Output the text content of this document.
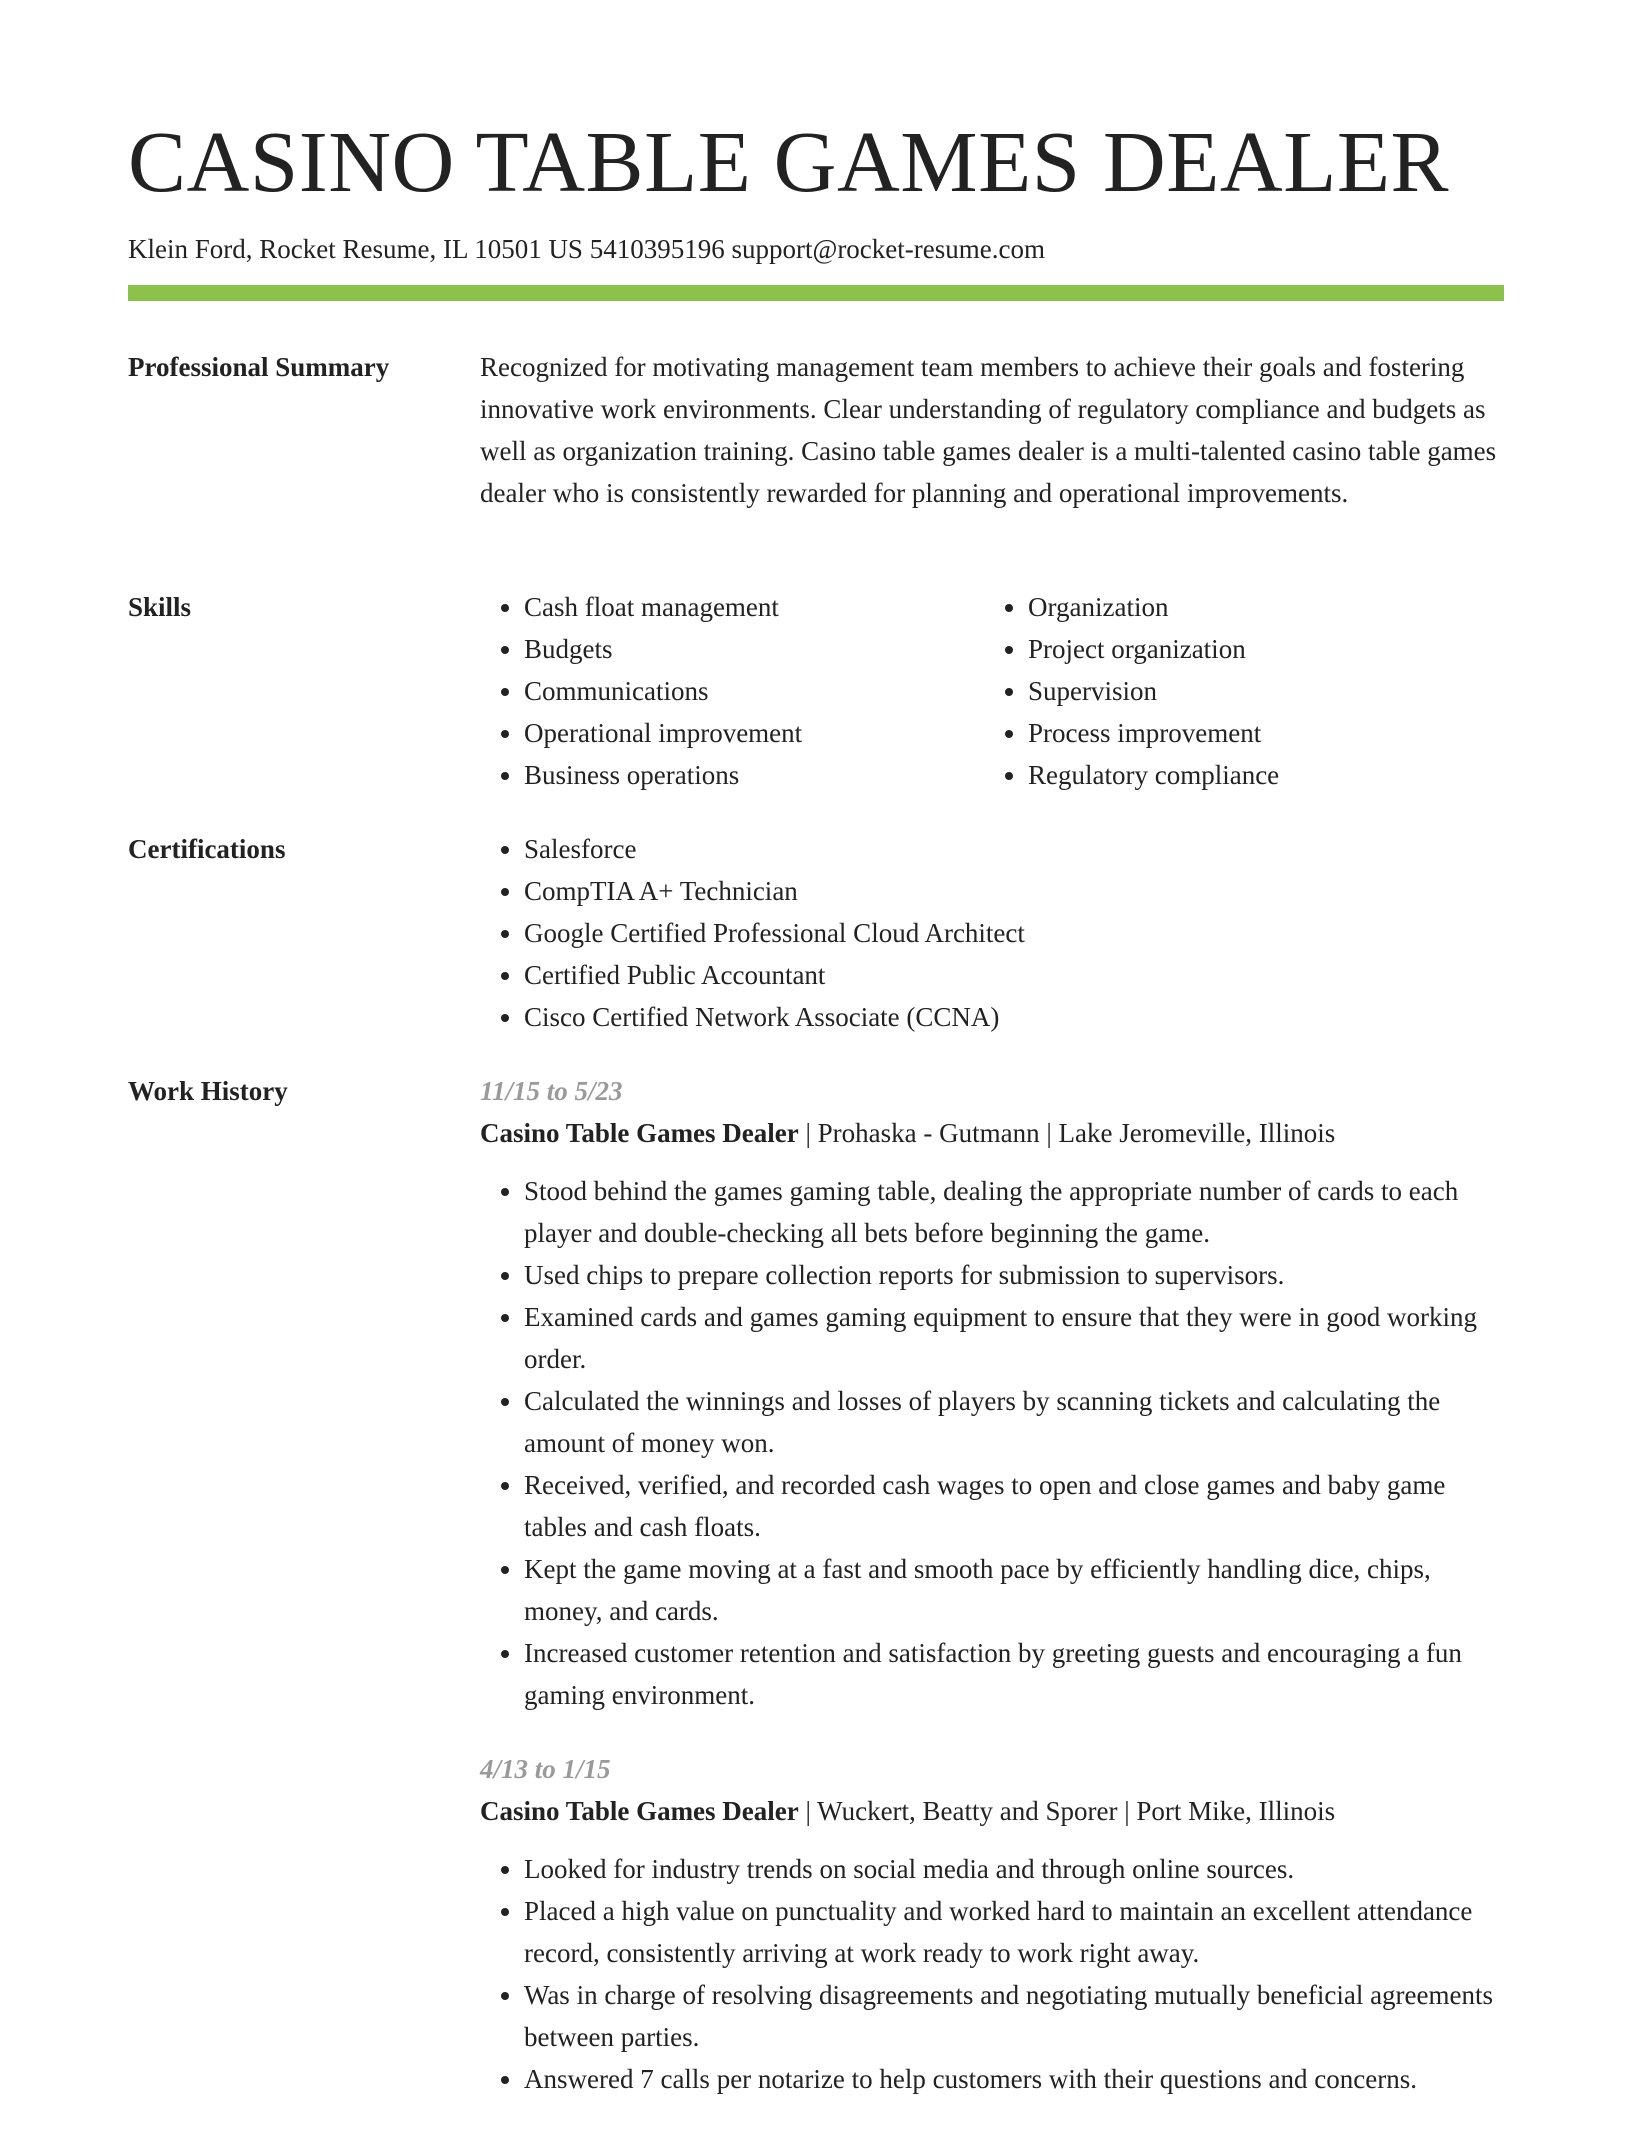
CASINO TABLE GAMES DEALER
Klein Ford, Rocket Resume, IL 10501 US 5410395196 support@rocket-resume.com
Professional Summary	Recognized for motivating management team members to achieve their goals and fostering innovative work environments. Clear understanding of regulatory compliance and budgets as well as organization training. Casino table games dealer is a multi-talented casino table games dealer who is consistently rewarded for planning and operational improvements.

Skills	• Cash float management
• Budgets
• Communications
• Operational improvement
• Business operations
• Organization
• Project organization
• Supervision
• Process improvement
• Regulatory compliance
Certifications	• Salesforce
• CompTIA A+ Technician
• Google Certified Professional Cloud Architect
• Certified Public Accountant
• Cisco Certified Network Associate (CCNA)
Work History	11/15 to 5/23
Casino Table Games Dealer | Prohaska - Gutmann | Lake Jeromeville, Illinois
• Stood behind the games gaming table, dealing the appropriate number of cards to each player and double-checking all bets before beginning the game.
• Used chips to prepare collection reports for submission to supervisors.
• Examined cards and games gaming equipment to ensure that they were in good working order.
• Calculated the winnings and losses of players by scanning tickets and calculating the amount of money won.
• Received, verified, and recorded cash wages to open and close games and baby game tables and cash floats.
• Kept the game moving at a fast and smooth pace by efficiently handling dice, chips, money, and cards.
• Increased customer retention and satisfaction by greeting guests and encouraging a fun gaming environment.
4/13 to 1/15
Casino Table Games Dealer | Wuckert, Beatty and Sporer | Port Mike, Illinois
• Looked for industry trends on social media and through online sources.
• Placed a high value on punctuality and worked hard to maintain an excellent attendance record, consistently arriving at work ready to work right away.
• Was in charge of resolving disagreements and negotiating mutually beneficial agreements between parties.
• Answered 7 calls per notarize to help customers with their questions and concerns.
